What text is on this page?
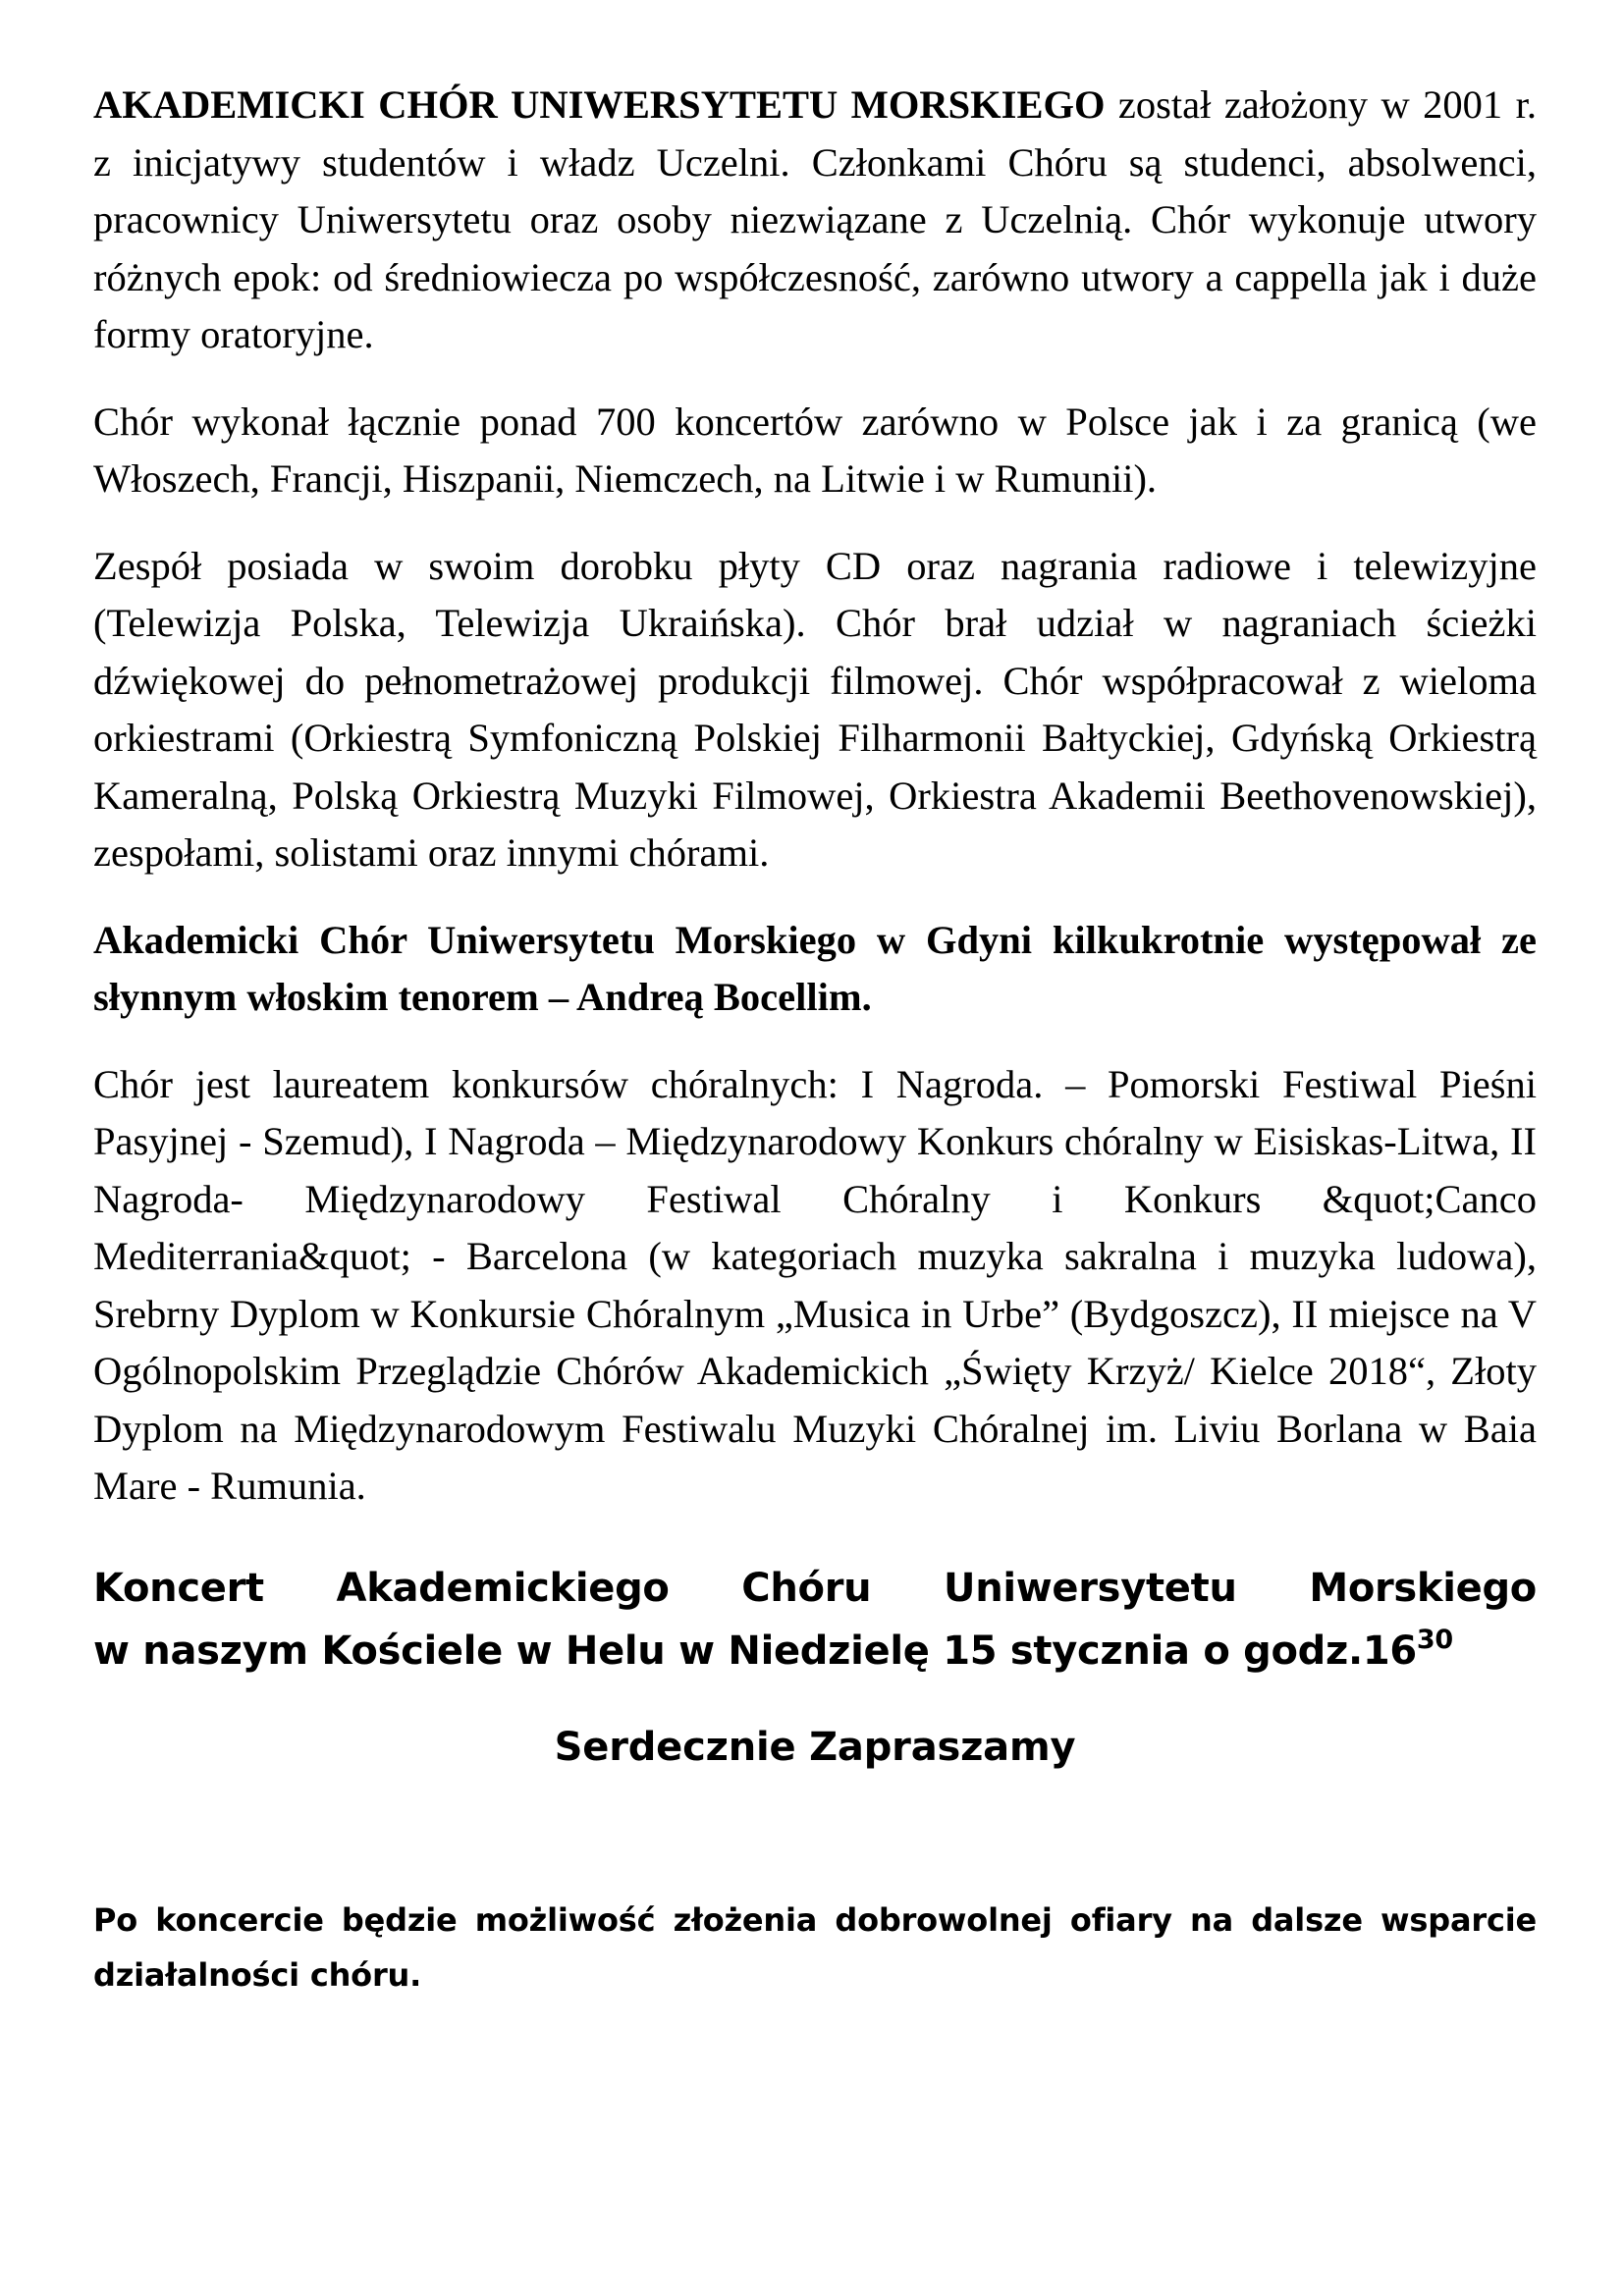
AKADEMICKI CHÓR UNIWERSYTETU MORSKIEGO został założony w 2001 r. z inicjatywy studentów i władz Uczelni. Członkami Chóru są studenci, absolwenci, pracownicy Uniwersytetu oraz osoby niezwiązane z Uczelnią. Chór wykonuje utwory różnych epok: od średniowiecza po współczesność, zarówno utwory a cappella jak i duże formy oratoryjne.

Chór wykonał łącznie ponad 700 koncertów zarówno w Polsce jak i za granicą (we Włoszech, Francji, Hiszpanii, Niemczech, na Litwie i w Rumunii).

Zespół posiada w swoim dorobku płyty CD oraz nagrania radiowe i telewizyjne (Telewizja Polska, Telewizja Ukraińska). Chór brał udział w nagraniach ścieżki dźwiękowej do pełnometrażowej produkcji filmowej. Chór współpracował z wieloma orkiestrami (Orkiestrą Symfoniczną Polskiej Filharmonii Bałtyckiej, Gdyńską Orkiestrą Kameralną, Polską Orkiestrą Muzyki Filmowej, Orkiestra Akademii Beethovenowskiej), zespołami, solistami oraz innymi chórami.

Akademicki Chór Uniwersytetu Morskiego w Gdyni kilkukrotnie występował ze słynnym włoskim tenorem – Andreą Bocellim.

Chór jest laureatem konkursów chóralnych: I Nagroda. – Pomorski Festiwal Pieśni Pasyjnej - Szemud), I Nagroda – Międzynarodowy Konkurs chóralny w Eisiskas-Litwa, II Nagroda- Międzynarodowy Festiwal Chóralny i Konkurs &quot;Canco Mediterrania&quot; - Barcelona (w kategoriach muzyka sakralna i muzyka ludowa), Srebrny Dyplom w Konkursie Chóralnym „Musica in Urbe” (Bydgoszcz), II miejsce na V Ogólnopolskim Przeglądzie Chórów Akademickich „Święty Krzyż/ Kielce 2018“, Złoty Dyplom na Międzynarodowym Festiwalu Muzyki Chóralnej im. Liviu Borlana w Baia Mare - Rumunia.

Koncert Akademickiego Chóru Uniwersytetu Morskiego
w naszym Kościele w Helu w Niedzielę 15 stycznia o $godz.16^{30}$

Serdecznie Zapraszamy

Po koncercie będzie możliwość złożenia dobrowolnej ofiary na dalsze wsparcie działalności chóru.
